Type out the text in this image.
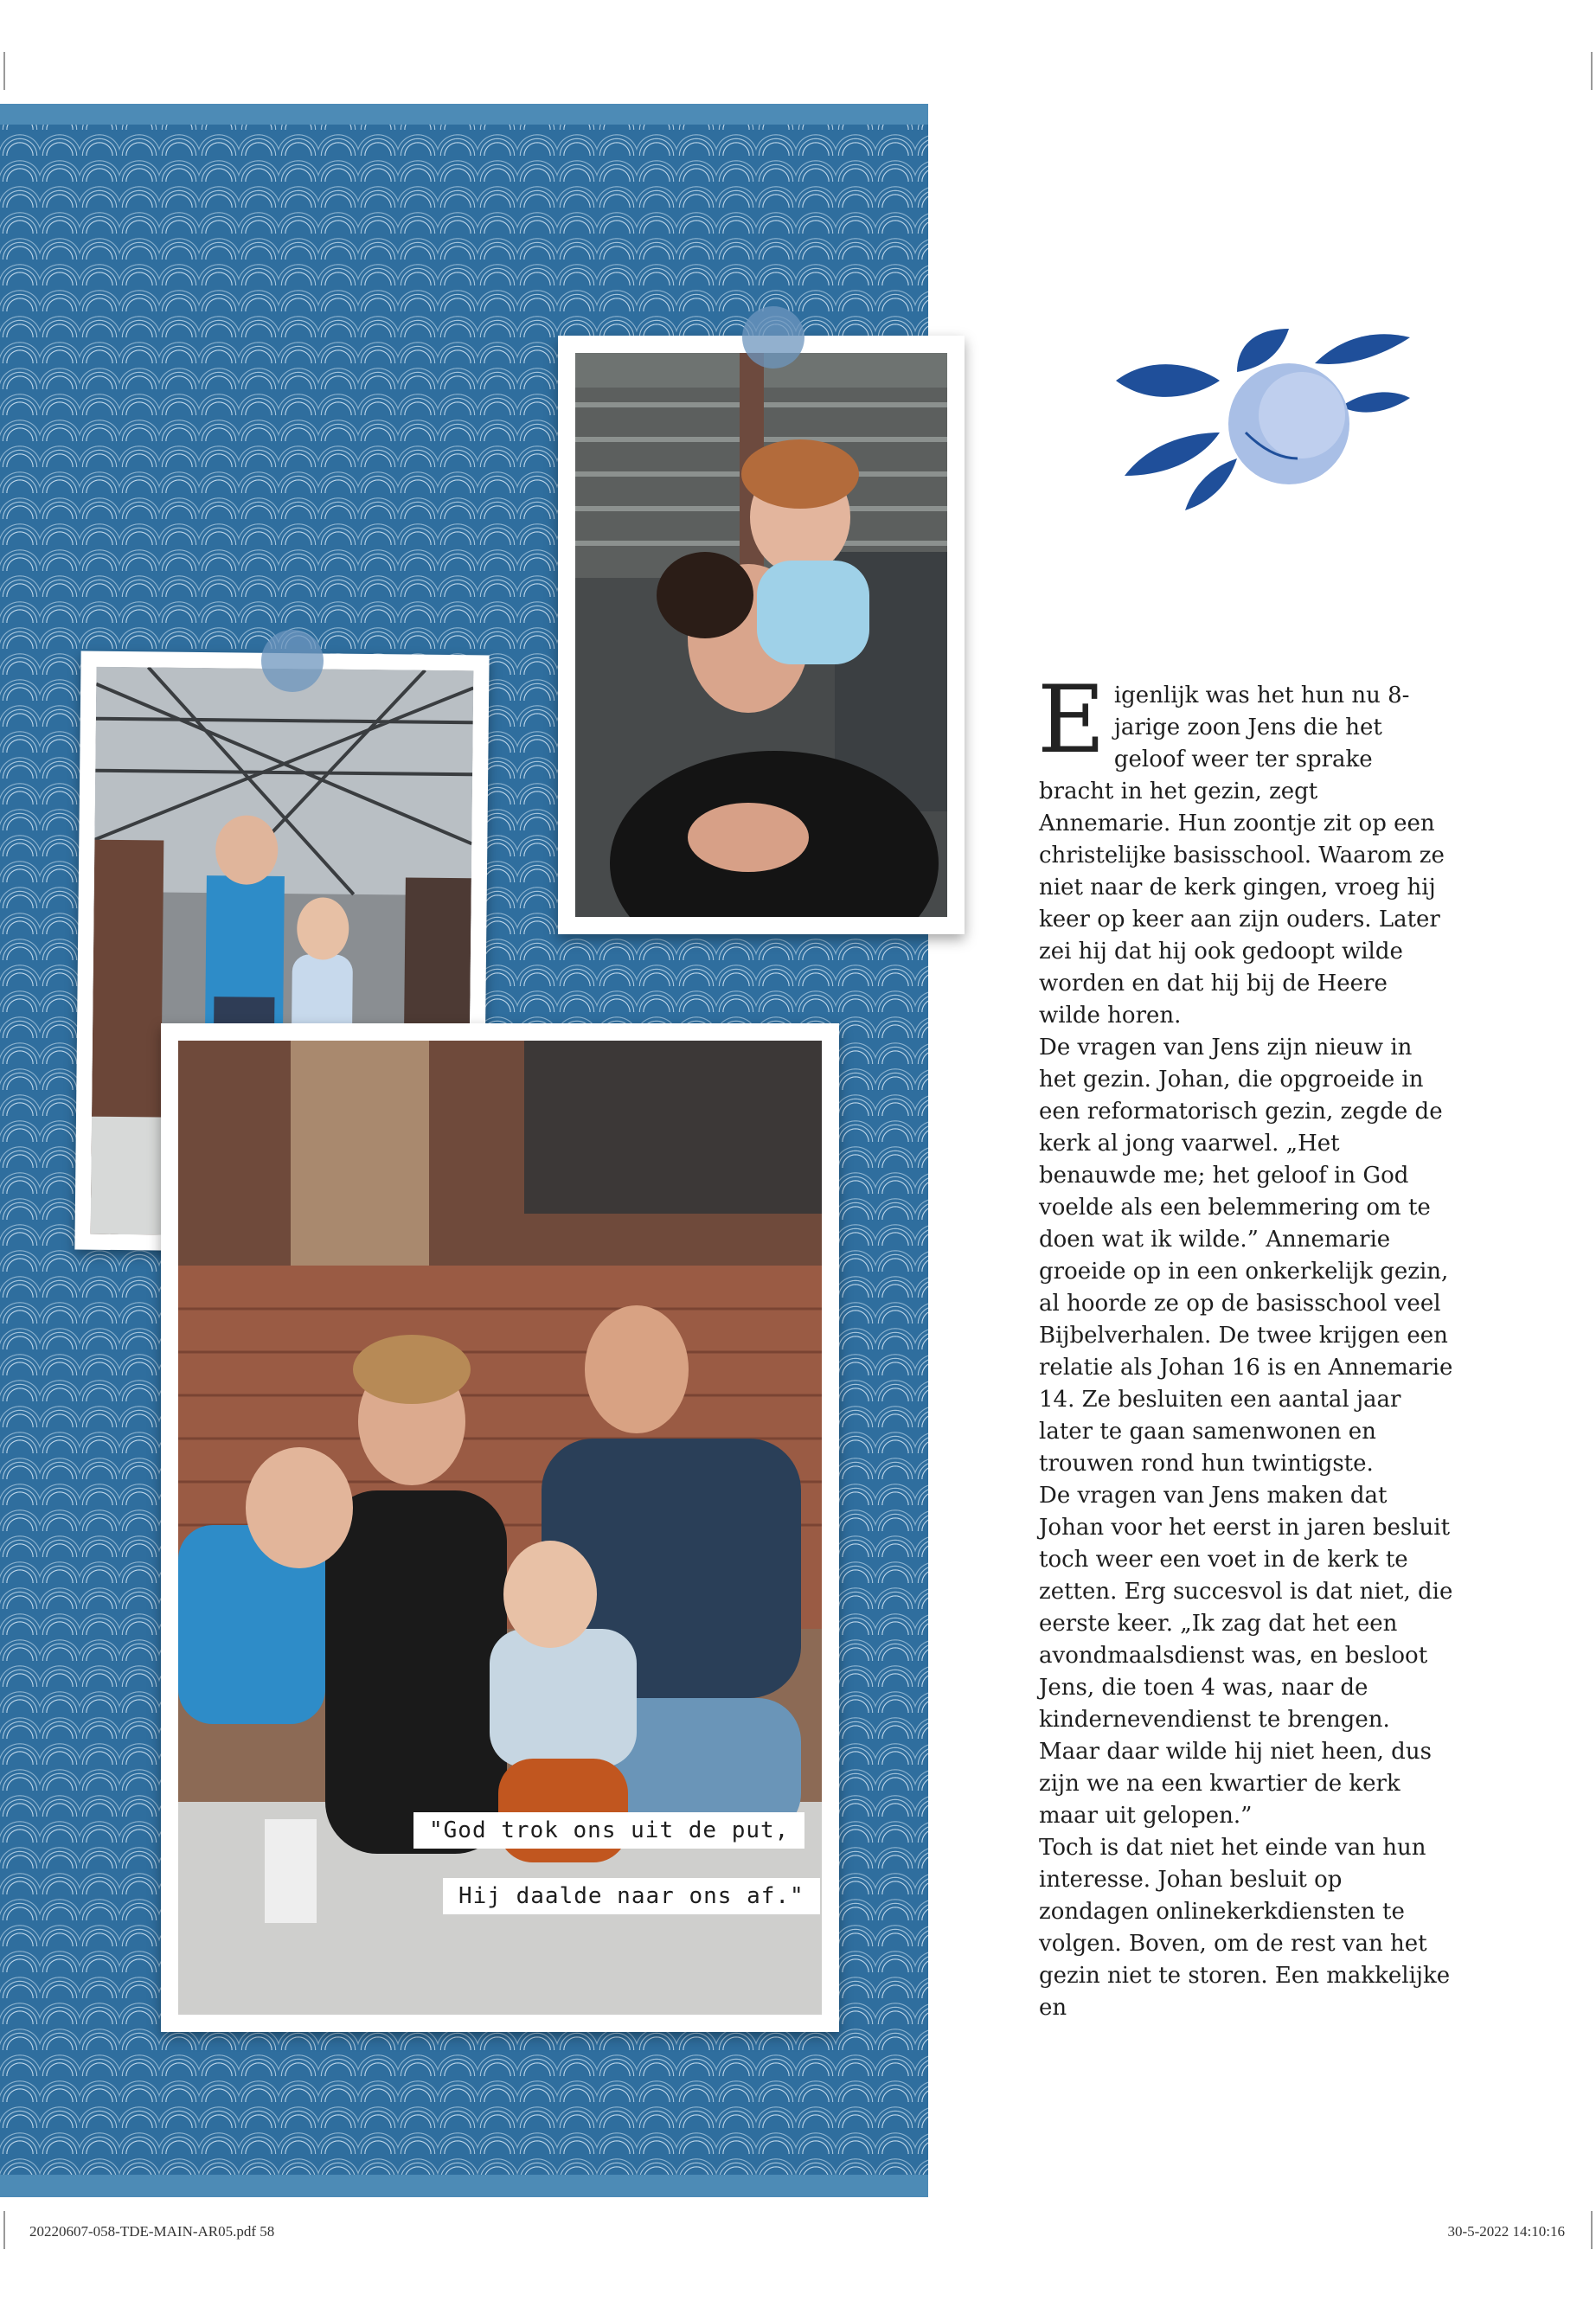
"God trok ons uit de put,
Hij daalde naar ons af."
E igenlijk was het hun nu 8-jarige zoon Jens die het geloof weer ter sprake bracht in het gezin, zegt Annemarie. Hun zoontje zit op een christelijke basisschool. Waarom ze niet naar de kerk gingen, vroeg hij keer op keer aan zijn ouders. Later zei hij dat hij ook gedoopt wilde worden en dat hij bij de Heere wilde horen.

De vragen van Jens zijn nieuw in het gezin. Johan, die opgroeide in een reformatorisch gezin, zegde de kerk al jong vaarwel. „Het benauwde me; het geloof in God voelde als een belemmering om te doen wat ik wilde.” Annemarie groeide op in een onkerkelijk gezin, al hoorde ze op de basisschool veel Bijbelverhalen. De twee krijgen een relatie als Johan 16 is en Annemarie 14. Ze besluiten een aantal jaar later te gaan samenwonen en trouwen rond hun twintigste.

De vragen van Jens maken dat Johan voor het eerst in jaren besluit toch weer een voet in de kerk te zetten. Erg succesvol is dat niet, die eerste keer. „Ik zag dat het een avondmaalsdienst was, en besloot Jens, die toen 4 was, naar de kindernevendienst te brengen. Maar daar wilde hij niet heen, dus zijn we na een kwartier de kerk maar uit gelopen.”

Toch is dat niet het einde van hun interesse. Johan besluit op zondagen onlinekerkdiensten te volgen. Boven, om de rest van het gezin niet te storen. Een makkelijke en

20220607-058-TDE-MAIN-AR05.pdf 58	30-5-2022 14:10:16
